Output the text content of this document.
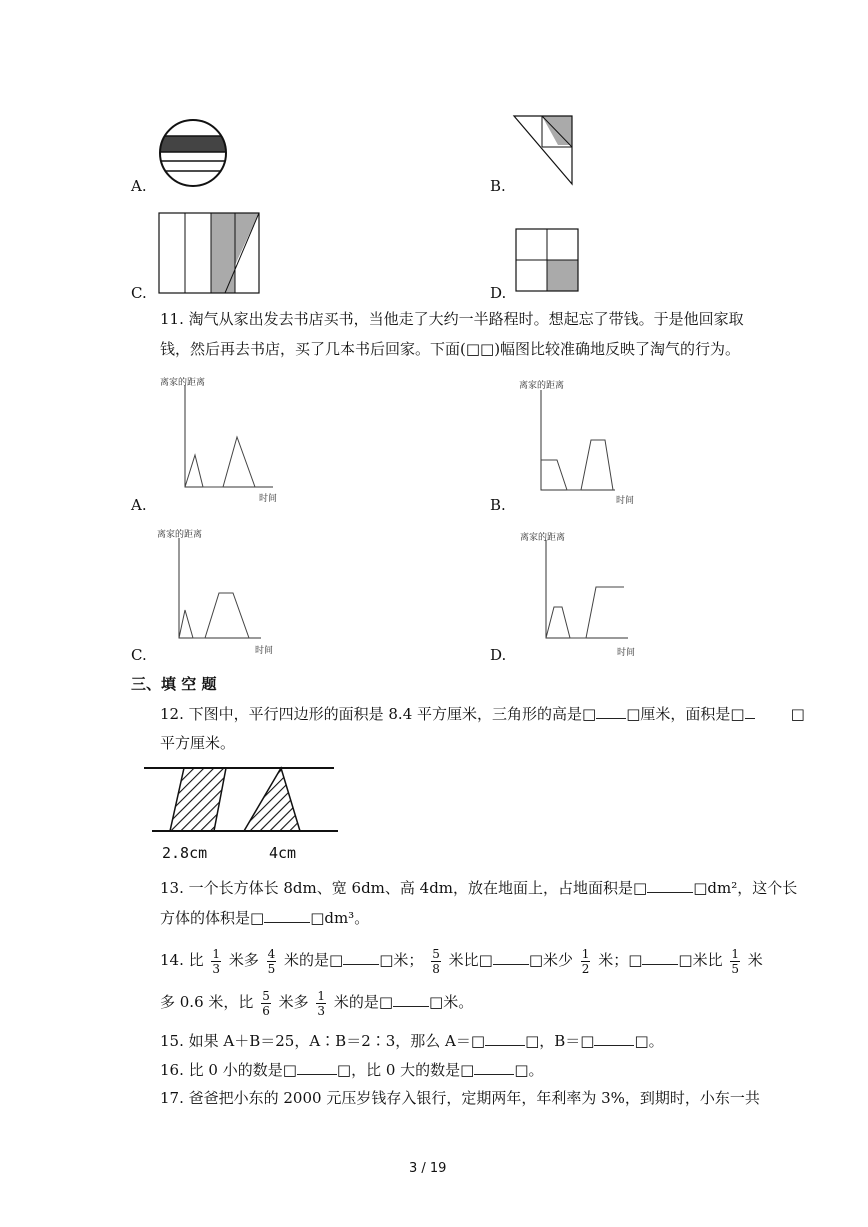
A.	B.
C.	D.
11. 淘气从家出发去书店买书，当他走了大约一半路程时。想起忘了带钱。于是他回家取
钱，然后再去书店，买了几本书后回家。下面(□□)幅图比较准确地反映了淘气的行为。
A.
离家的距离
时间	B.
离家的距离
时间
C.
离家的距离
时间	D.
离家的距离
时间
三、填 空 题
12. 下图中，平行四边形的面积是 8.4 平方厘米，三角形的高是□ □厘米，面积是□	□
平方厘米。
2.8cm	4cm
13. 一个长方体长 8dm、宽 6dm、高 4dm，放在地面上，占地面积是□	□dm²，这个长
方体的体积是□	□dm³。
14. 比 $\frac{1}{3}$ 米多 $\frac{4}{5}$ 米的是□ □米； $\frac{5}{8}$ 米比□ □米少 $\frac{1}{2}$ 米；□ □米比 $\frac{1}{5}$ 米
多 0.6 米，比 $\frac{5}{6}$ 米多 $\frac{1}{3}$ 米的是□ □米。
15. 如果 A＋B＝25，A∶B＝2∶3，那么 A＝□	□，B＝□	□。
16. 比 0 小的数是□	□，比 0 大的数是□	□。
17. 爸爸把小东的 2000 元压岁钱存入银行，定期两年，年利率为 3%，到期时，小东一共
3 / 19
